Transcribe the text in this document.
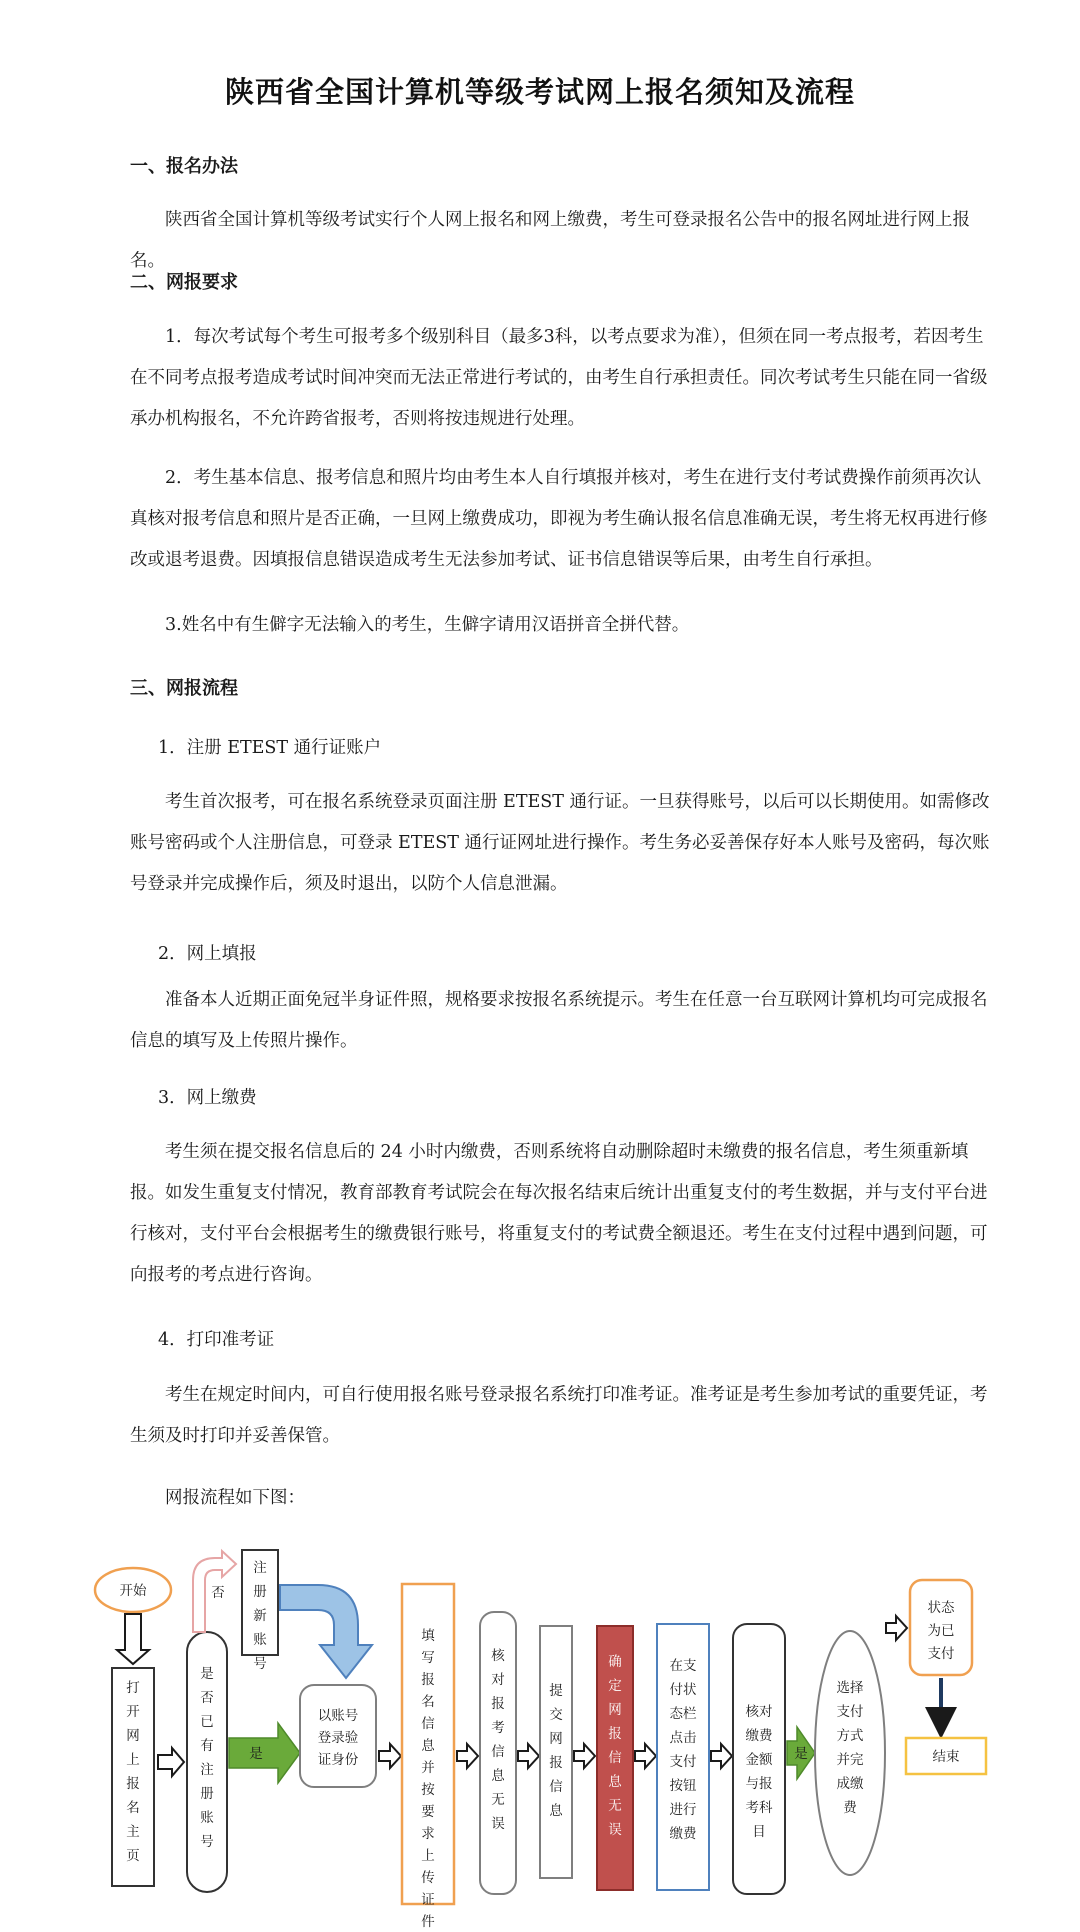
陕西省全国计算机等级考试网上报名须知及流程
一、报名办法
陕西省全国计算机等级考试实行个人网上报名和网上缴费，考生可登录报名公告中的报名网址进行网上报名。
二、网报要求
1．每次考试每个考生可报考多个级别科目（最多3科，以考点要求为准），但须在同一考点报考，若因考生在不同考点报考造成考试时间冲突而无法正常进行考试的，由考生自行承担责任。同次考试考生只能在同一省级承办机构报名，不允许跨省报考，否则将按违规进行处理。
2．考生基本信息、报考信息和照片均由考生本人自行填报并核对，考生在进行支付考试费操作前须再次认真核对报考信息和照片是否正确，一旦网上缴费成功，即视为考生确认报名信息准确无误，考生将无权再进行修改或退考退费。因填报信息错误造成考生无法参加考试、证书信息错误等后果，由考生自行承担。
3.姓名中有生僻字无法输入的考生，生僻字请用汉语拼音全拼代替。
三、网报流程
1．注册 ETEST 通行证账户
考生首次报考，可在报名系统登录页面注册 ETEST 通行证。一旦获得账号，以后可以长期使用。如需修改账号密码或个人注册信息，可登录 ETEST 通行证网址进行操作。考生务必妥善保存好本人账号及密码，每次账号登录并完成操作后，须及时退出，以防个人信息泄漏。
2．网上填报
准备本人近期正面免冠半身证件照，规格要求按报名系统提示。考生在任意一台互联网计算机均可完成报名信息的填写及上传照片操作。
3．网上缴费
考生须在提交报名信息后的 24 小时内缴费，否则系统将自动删除超时未缴费的报名信息，考生须重新填报。如发生重复支付情况，教育部教育考试院会在每次报名结束后统计出重复支付的考生数据，并与支付平台进行核对，支付平台会根据考生的缴费银行账号，将重复支付的考试费全额退还。考生在支付过程中遇到问题，可向报考的考点进行咨询。
4．打印准考证
考生在规定时间内，可自行使用报名账号登录报名系统打印准考证。准考证是考生参加考试的重要凭证，考生须及时打印并妥善保管。
网报流程如下图：
开始
打
开
网
上
报
名
主
页
是
否
已
有
注
册
账
号
否
注
册
新
账
号
是
以账号
登录验
证身份
填
写
报
名
信
息
并
按
要
求
上
传
证
件
核
对
报
考
信
息
无
误
提
交
网
报
信
息
确
定
网
报
信
息
无
误
在支
付状
态栏
点击
支付
按钮
进行
缴费
核对
缴费
金额
与报
考科
目
是
选择
支付
方式
并完
成缴
费
状态
为已
支付
结束
